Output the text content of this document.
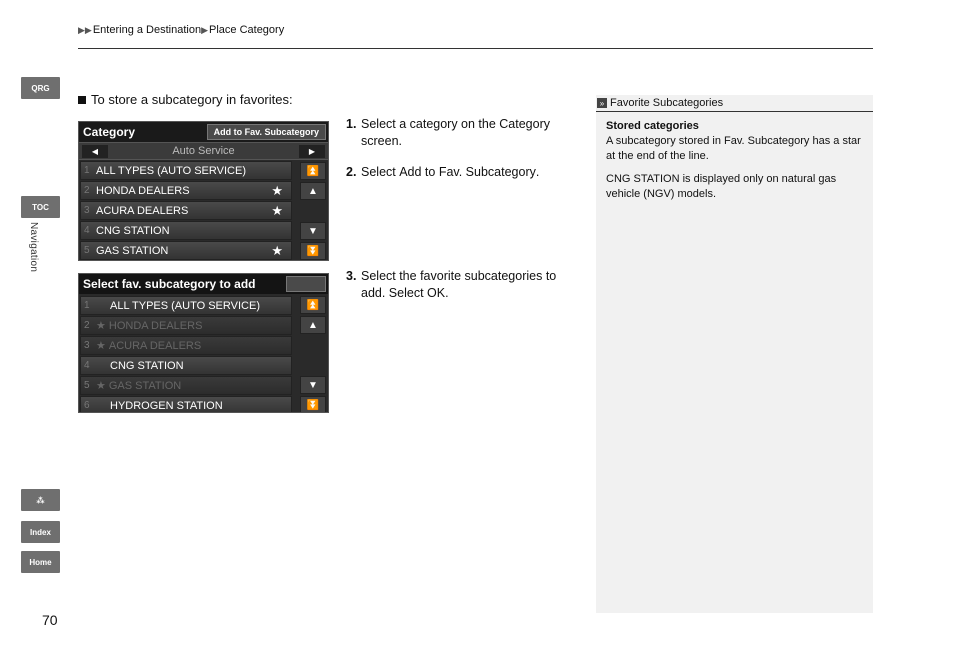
▶▶ Entering a Destination ▶ Place Category
QRG
TOC
Navigation
⁂
Index
Home
70
To store a subcategory in favorites:
Category	Add to Fav. Subcategory
◀	Auto Service	▶
1 ALL TYPES (AUTO SERVICE)
2 HONDA DEALERS	★
3 ACURA DEALERS	★
4 CNG STATION
5 GAS STATION	★
⏫
▲
▼
⏬
Select fav. subcategory to add
1	ALL TYPES (AUTO SERVICE)
2 ★ HONDA DEALERS
3 ★ ACURA DEALERS
4	CNG STATION
5 ★ GAS STATION
6	HYDROGEN STATION
⏫
▲
▼
⏬
1. Select a category on the Category screen.
2. Select Add to Fav. Subcategory.
3. Select the favorite subcategories to add. Select OK.
» Favorite Subcategories
Stored categories

A subcategory stored in Fav. Subcategory has a star at the end of the line.

CNG STATION is displayed only on natural gas vehicle (NGV) models.
